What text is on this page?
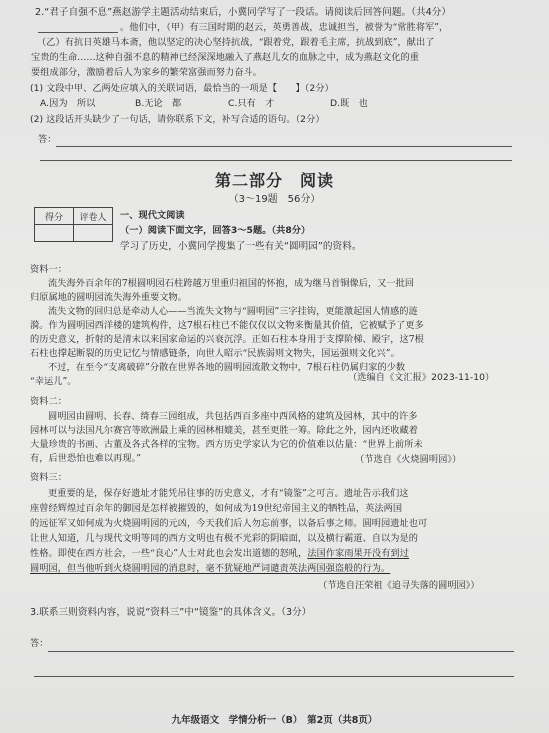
2.“君子自强不息”燕赵游学主题活动结束后，小冀同学写了一段话。请阅读后回答问题。（共4分）
。他们中，（甲）有三国时期的赵云，英勇善战，忠诚担当，被誉为“常胜将军”，
（乙）有抗日英雄马本斋，他以坚定的决心坚持抗战，“跟着党，跟着毛主席，抗战到底”，献出了
宝贵的生命……这种自强不息的精神已经深深地融入了燕赵儿女的血脉之中，成为燕赵文化的重
要组成部分，激励着后人为家乡的繁荣富强而努力奋斗。
(1) 文段中甲、乙两处应填入的关联词语，最恰当的一项是【　　】（2分）
A.因为　所以	B.无论　都	C.只有　才	D.既　也
(2) 这段话开头缺少了一句话，请你联系下文，补写合适的语句。（2分）
答：
第二部分　阅读
（3～19题　56分）
得分	评卷人
	一、现代文阅读
（一）阅读下面文字，回答3～5题。（共8分）
学习了历史，小冀同学搜集了一些有关“圆明园”的资料。
资料一：
流失海外百余年的7根圆明园石柱跨越万里重归祖国的怀抱，成为继马首铜像后，又一批回
归原属地的圆明园流失海外重要文物。
流失文物的回归总是牵动人心——当流失文物与“圆明园”三字挂钩，更能激起国人情感的涟
漪。作为圆明园西洋楼的建筑构件，这7根石柱已不能仅仅以文物来衡量其价值，它被赋予了更多
的历史意义，折射的是清末以来国家命运的兴衰沉浮。正如石柱本身用于支撑阶梯、殿宇，这7根
石柱也撑起断裂的历史记忆与情感链条，向世人昭示“民族弱则文物失，国运强则文化兴”。
不过，在至今“支离破碎”分散在世界各地的圆明园流散文物中，7根石柱仍属归家的少数
“幸运儿”。	（选编自《文汇报》2023-11-10）
资料二：
圆明园由圆明、长春、绮春三园组成，共包括西百多座中西风格的建筑及园林，其中的许多
园林可以与法国凡尔赛宫等欧洲最上乘的园林相媲美，甚至更胜一筹。除此之外，园内还收藏着
大量珍贵的书画、古董及各式各样的宝物。西方历史学家认为它的价值难以估量：“世界上前所未
有，后世恐怕也难以再现。”	（节选自《火烧圆明园》）
资料三：
更重要的是，保存好遗址才能凭吊往事的历史意义，才有“镜鉴”之可言。遗址告示我们这
座曾经辉煌过百余年的御园是怎样被摧毁的，如何成为19世纪帝国主义的牺牲品，英法两国
的远征军又如何成为火烧圆明园的元凶，今天我们后人勿忘前事，以备后事之师。圆明园遗址也可
让世人知道，几与现代文明等同的西方文明也有极不光彩的阴暗面，以及横行霸道、自以为是的
性格。即使在西方社会，一些“良心”人士对此也会发出道德的怒吼，法国作家雨果开没有到过
圆明园，但当他听到火烧圆明园的消息时，毫不犹疑地严词谴责英法两国强盗般的行为。
（节选自汪荣祖《追寻失落的圆明园》）
3.联系三则资料内容，说说“资料三”中“镜鉴”的具体含义。（3分）
答：
九年级语文　学情分析一（B）　第2页（共8页）
